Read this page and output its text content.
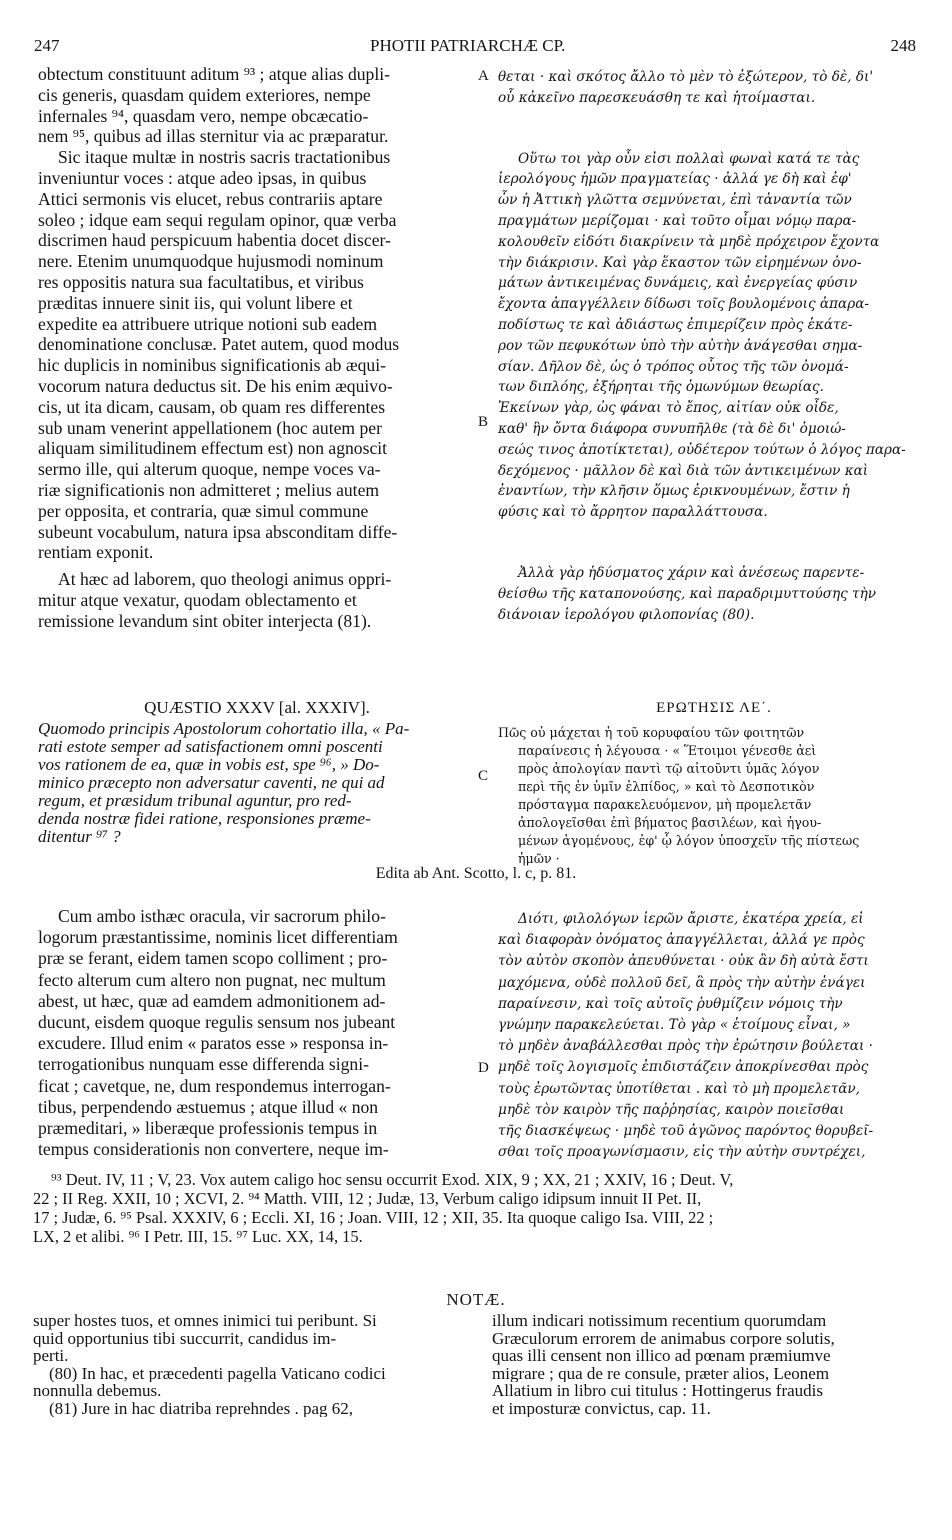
247	PHOTII PATRIARCHÆ CP.	248
A
B
C
D
obtectum constituunt aditum ⁹³ ; atque alias dupli-
cis generis, quasdam quidem exteriores, nempe
infernales ⁹⁴, quasdam vero, nempe obcæcatio-
nem ⁹⁵, quibus ad illas sternitur via ac præparatur.
Sic itaque multæ in nostris sacris tractationibus
inveniuntur voces : atque adeo ipsas, in quibus
Attici sermonis vis elucet, rebus contrariis aptare
soleo ; idque eam sequi regulam opinor, quæ verba
discrimen haud perspicuum habentia docet discer-
nere. Etenim unumquodque hujusmodi nominum
res oppositis natura sua facultatibus, et viribus
præditas innuere sinit iis, qui volunt libere et
expedite ea attribuere utrique notioni sub eadem
denominatione conclusæ. Patet autem, quod modus
hic duplicis in nominibus significationis ab æqui-
vocorum natura deductus sit. De his enim æquivo-
cis, ut ita dicam, causam, ob quam res differentes
sub unam venerint appellationem (hoc autem per
aliquam similitudinem effectum est) non agnoscit
sermo ille, qui alterum quoque, nempe voces va-
riæ significationis non admitteret ; melius autem
per opposita, et contraria, quæ simul commune
subeunt vocabulum, natura ipsa absconditam diffe-
rentiam exponit.
At hæc ad laborem, quo theologi animus oppri-
mitur atque vexatur, quodam oblectamento et
remissione levandum sint obiter interjecta (81).
θεται · καὶ σκότος ἄλλο τὸ μὲν τὸ ἐξώτερον, τὸ δὲ, δι'
οὗ κἀκεῖνο παρεσκευάσθη τε καὶ ἡτοίμασται.
Οὕτω τοι γὰρ οὖν εἰσι πολλαὶ φωναὶ κατά τε τὰς
ἱερολόγους ἡμῶν πραγματείας · ἀλλά γε δὴ καὶ ἐφ'
ὧν ἡ Ἀττικὴ γλῶττα σεμνύνεται, ἐπὶ τἀναντία τῶν
πραγμάτων μερίζομαι · καὶ τοῦτο οἶμαι νόμῳ παρα-
κολουθεῖν εἰδότι διακρίνειν τὰ μηδὲ πρόχειρον ἔχοντα
τὴν διάκρισιν. Καὶ γὰρ ἕκαστον τῶν εἰρημένων ὀνο-
μάτων ἀντικειμένας δυνάμεις, καὶ ἐνεργείας φύσιν
ἔχοντα ἀπαγγέλλειν δίδωσι τοῖς βουλομένοις ἀπαρα-
ποδίστως τε καὶ ἀδιάστως ἐπιμερίζειν πρὸς ἑκάτε-
ρον τῶν πεφυκότων ὑπὸ τὴν αὐτὴν ἀνάγεσθαι σημα-
σίαν. Δῆλον δὲ, ὡς ὁ τρόπος οὗτος τῆς τῶν ὀνομά-
των διπλόης, ἐξήρηται τῆς ὁμωνύμων θεωρίας.
Ἐκείνων γὰρ, ὡς φάναι τὸ ἔπος, αἰτίαν οὐκ οἶδε,
καθ' ἣν ὄντα διάφορα συνυπῆλθε (τὰ δὲ δι' ὁμοιώ-
σεώς τινος ἀποτίκτεται), οὐδέτερον τούτων ὁ λόγος παρα-
δεχόμενος · μᾶλλον δὲ καὶ διὰ τῶν ἀντικειμένων καὶ
ἐναντίων, τὴν κλῆσιν ὅμως ἐρικνουμένων, ἔστιν ἡ
φύσις καὶ τὸ ἄρρητον παραλλάττουσα.
Ἀλλὰ γὰρ ἡδύσματος χάριν καὶ ἀνέσεως παρεντε-
θείσθω τῆς καταπονούσης, καὶ παραδριμυττούσης τὴν
διάνοιαν ἱερολόγου φιλοπονίας (80).
QUÆSTIO XXXV [al. XXXIV].	ΕΡΩΤΗΣΙΣ ΛΕ΄.
Quomodo principis Apostolorum cohortatio illa, « Pa-
rati estote semper ad satisfactionem omni poscenti
vos rationem de ea, quæ in vobis est, spe ⁹⁶, » Do-
minico præcepto non adversatur caventi, ne qui ad
regum, et præsidum tribunal aguntur, pro red-
denda nostræ fidei ratione, responsiones præme-
ditentur ⁹⁷ ?
Πῶς οὐ μάχεται ἡ τοῦ κορυφαίου τῶν φοιτητῶν
παραίνεσις ἡ λέγουσα · « Ἕτοιμοι γένεσθε ἀεὶ
πρὸς ἀπολογίαν παντὶ τῷ αἰτοῦντι ὑμᾶς λόγον
περὶ τῆς ἐν ὑμῖν ἐλπίδος, » καὶ τὸ Δεσποτικὸν
πρόσταγμα παρακελευόμενον, μὴ προμελετᾶν
ἀπολογεῖσθαι ἐπὶ βήματος βασιλέων, καὶ ἡγου-
μένων ἀγομένους, ἐφ' ᾧ λόγον ὑποσχεῖν τῆς πίστεως
ἡμῶν ·
Edita ab Ant. Scotto, l. c, p. 81.
Cum ambo isthæc oracula, vir sacrorum philo-
logorum præstantissime, nominis licet differentiam
præ se ferant, eidem tamen scopo colliment ; pro-
fecto alterum cum altero non pugnat, nec multum
abest, ut hæc, quæ ad eamdem admonitionem ad-
ducunt, eisdem quoque regulis sensum nos jubeant
excudere. Illud enim « paratos esse » responsa in-
terrogationibus nunquam esse differenda signi-
ficat ; cavetque, ne, dum respondemus interrogan-
tibus, perpendendo æstuemus ; atque illud « non
præmeditari, » liberæque professionis tempus in
tempus considerationis non convertere, neque im-
Διότι, φιλολόγων ἱερῶν ἄριστε, ἑκατέρα χρεία, εἰ
καὶ διαφορὰν ὀνόματος ἀπαγγέλλεται, ἀλλά γε πρὸς
τὸν αὐτὸν σκοπὸν ἀπευθύνεται · οὐκ ἂν δὴ αὐτὰ ἔστι
μαχόμενα, οὐδὲ πολλοῦ δεῖ, ἃ πρὸς τὴν αὐτὴν ἐνάγει
παραίνεσιν, καὶ τοῖς αὐτοῖς ῥυθμίζειν νόμοις τὴν
γνώμην παρακελεύεται. Τὸ γὰρ « ἑτοίμους εἶναι, »
τὸ μηδὲν ἀναβάλλεσθαι πρὸς τὴν ἐρώτησιν βούλεται ·
μηδὲ τοῖς λογισμοῖς ἐπιδιστάζειν ἀποκρίνεσθαι πρὸς
τοὺς ἐρωτῶντας ὑποτίθεται . καὶ τὸ μὴ προμελετᾶν,
μηδὲ τὸν καιρὸν τῆς παῤῥησίας, καιρὸν ποιεῖσθαι
τῆς διασκέψεως · μηδὲ τοῦ ἀγῶνος παρόντος θορυβεῖ-
σθαι τοῖς προαγωνίσμασιν, εἰς τὴν αὐτὴν συντρέχει,
⁹³ Deut. IV, 11 ; V, 23. Vox autem caligo hoc sensu occurrit Exod. XIX, 9 ; XX, 21 ; XXIV, 16 ; Deut. V,
22 ; II Reg. XXII, 10 ; XCVI, 2. ⁹⁴ Matth. VIII, 12 ; Judæ, 13, Verbum caligo idipsum innuit II Pet. II,
17 ; Judæ, 6. ⁹⁵ Psal. XXXIV, 6 ; Eccli. XI, 16 ; Joan. VIII, 12 ; XII, 35. Ita quoque caligo Isa. VIII, 22 ;
LX, 2 et alibi. ⁹⁶ I Petr. III, 15. ⁹⁷ Luc. XX, 14, 15.
NOTÆ.
super hostes tuos, et omnes inimici tui peribunt. Si
quid opportunius tibi succurrit, candidus im-
perti.
(80) In hac, et præcedenti pagella Vaticano codici
nonnulla debemus.
(81) Jure in hac diatriba reprehndes . pag 62,
illum indicari notissimum recentium quorumdam
Græculorum errorem de animabus corpore solutis,
quas illi censent non illico ad pœnam præmiumve
migrare ; qua de re consule, præter alios, Leonem
Allatium in libro cui titulus : Hottingerus fraudis
et imposturæ convictus, cap. 11.
